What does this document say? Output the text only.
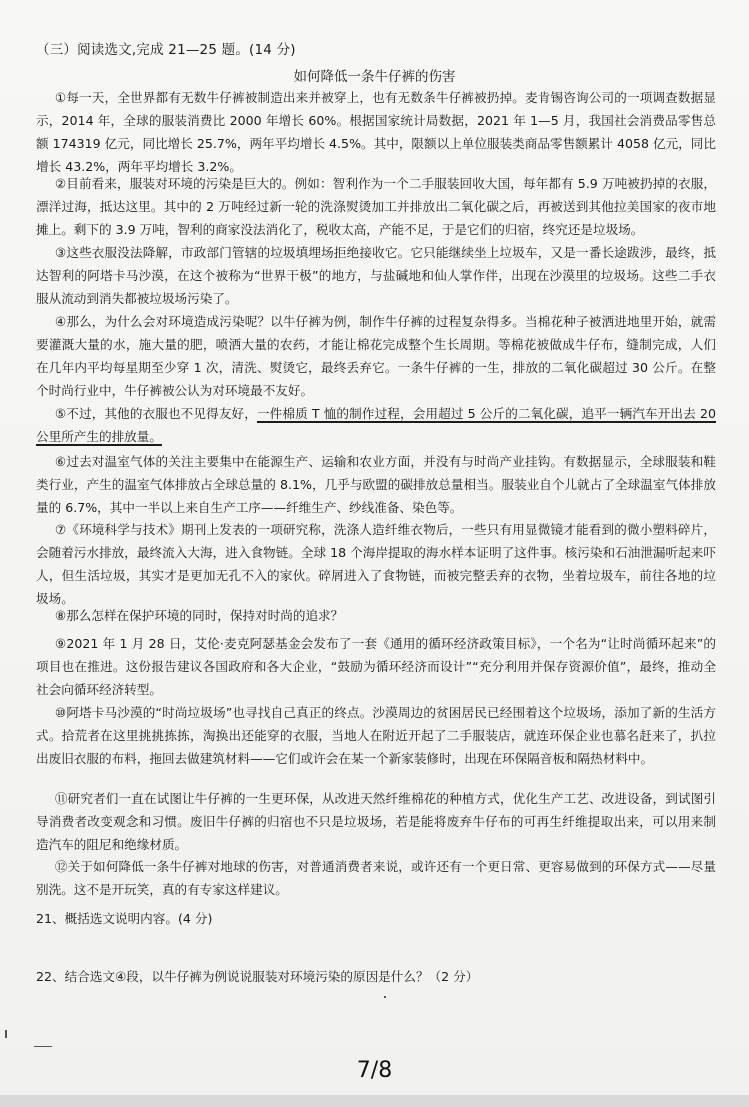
（三）阅读选文,完成 21—25 题。(14 分)
如何降低一条牛仔裤的伤害
①每一天，全世界都有无数牛仔裤被制造出来并被穿上，也有无数条牛仔裤被扔掉。麦肯锡咨询公司的一项调查数据显示，2014 年，全球的服装消费比 2000 年增长 60%。根据国家统计局数据，2021 年 1—5 月，我国社会消费品零售总额 174319 亿元，同比增长 25.7%，两年平均增长 4.5%。其中，限额以上单位服装类商品零售额累计 4058 亿元，同比增长 43.2%，两年平均增长 3.2%。
②目前看来，服装对环境的污染是巨大的。例如：智利作为一个二手服装回收大国，每年都有 5.9 万吨被扔掉的衣服，漂洋过海，抵达这里。其中的 2 万吨经过新一轮的洗涤熨烫加工并排放出二氧化碳之后，再被送到其他拉美国家的夜市地摊上。剩下的 3.9 万吨，智利的商家没法消化了，税收太高，产能不足，于是它们的归宿，终究还是垃圾场。
③这些衣服没法降解，市政部门管辖的垃圾填埋场拒绝接收它。它只能继续坐上垃圾车，又是一番长途跋涉，最终，抵达智利的阿塔卡马沙漠，在这个被称为“世界干极”的地方，与盐碱地和仙人掌作伴，出现在沙漠里的垃圾场。这些二手衣服从流动到消失都被垃圾场污染了。
④那么，为什么会对环境造成污染呢？以牛仔裤为例，制作牛仔裤的过程复杂得多。当棉花种子被洒进地里开始，就需要灌溉大量的水，施大量的肥，喷洒大量的农药，才能让棉花完成整个生长周期。等棉花被做成牛仔布，缝制完成，人们在几年内平均每星期至少穿 1 次，清洗、熨烫它，最终丢弃它。一条牛仔裤的一生，排放的二氧化碳超过 30 公斤。在整个时尚行业中，牛仔裤被公认为对环境最不友好。
⑤不过，其他的衣服也不见得友好，一件棉质 T 恤的制作过程，会用超过 5 公斤的二氧化碳，追平一辆汽车开出去 20 公里所产生的排放量。
⑥过去对温室气体的关注主要集中在能源生产、运输和农业方面，并没有与时尚产业挂钩。有数据显示，全球服装和鞋类行业，产生的温室气体排放占全球总量的 8.1%，几乎与欧盟的碳排放总量相当。服装业自个儿就占了全球温室气体排放量的 6.7%，其中一半以上来自生产工序——纤维生产、纱线准备、染色等。
⑦《环境科学与技术》期刊上发表的一项研究称，洗涤人造纤维衣物后，一些只有用显微镜才能看到的微小塑料碎片，会随着污水排放，最终流入大海，进入食物链。全球 18 个海岸提取的海水样本证明了这件事。核污染和石油泄漏听起来吓人，但生活垃圾，其实才是更加无孔不入的家伙。碎屑进入了食物链，而被完整丢弃的衣物，坐着垃圾车，前往各地的垃圾场。
⑧那么怎样在保护环境的同时，保持对时尚的追求？
⑨2021 年 1 月 28 日，艾伦·麦克阿瑟基金会发布了一套《通用的循环经济政策目标》，一个名为“让时尚循环起来”的项目也在推进。这份报告建议各国政府和各大企业，“鼓励为循环经济而设计”“充分利用并保存资源价值”，最终，推动全社会向循环经济转型。
⑩阿塔卡马沙漠的“时尚垃圾场”也寻找自己真正的终点。沙漠周边的贫困居民已经围着这个垃圾场，添加了新的生活方式。拾荒者在这里挑挑拣拣，淘换出还能穿的衣服，当地人在附近开起了二手服装店，就连环保企业也慕名赶来了，扒拉出废旧衣服的布料，拖回去做建筑材料——它们或许会在某一个新家装修时，出现在环保隔音板和隔热材料中。
⑪研究者们一直在试图让牛仔裤的一生更环保，从改进天然纤维棉花的种植方式，优化生产工艺、改进设备，到试图引导消费者改变观念和习惯。废旧牛仔裤的归宿也不只是垃圾场，若是能将废弃牛仔布的可再生纤维提取出来，可以用来制造汽车的阻尼和绝缘材质。
⑫关于如何降低一条牛仔裤对地球的伤害，对普通消费者来说，或许还有一个更日常、更容易做到的环保方式——尽量别洗。这不是开玩笑，真的有专家这样建议。
21、概括选文说明内容。(4 分)
22、结合选文④段，以牛仔裤为例说说服装对环境污染的原因是什么？（2 分）
7/8
